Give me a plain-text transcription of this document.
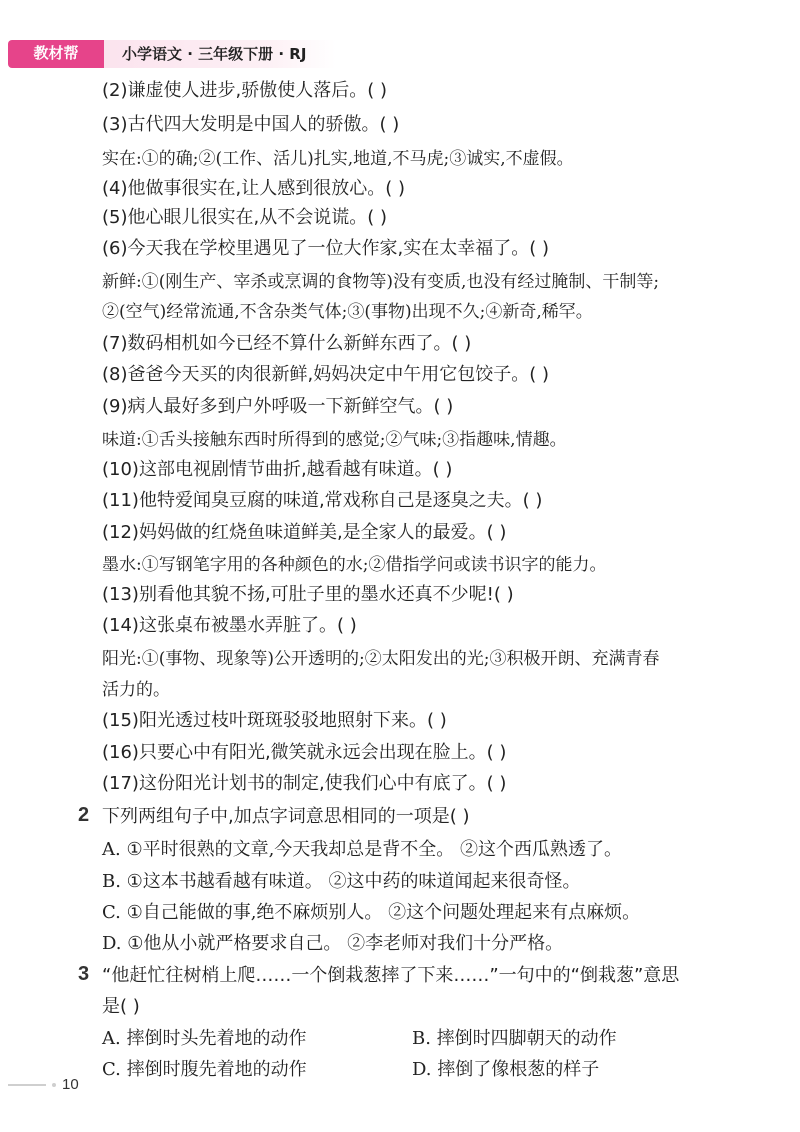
教材帮	小学语文 · 三年级下册 · RJ
(2)谦虚使人进步,骄傲使人落后。( )
(3)古代四大发明是中国人的骄傲。( )
实在:①的确;②(工作、活儿)扎实,地道,不马虎;③诚实,不虚假。
(4)他做事很实在,让人感到很放心。( )
(5)他心眼儿很实在,从不会说谎。( )
(6)今天我在学校里遇见了一位大作家,实在太幸福了。( )
新鲜:①(刚生产、宰杀或烹调的食物等)没有变质,也没有经过腌制、干制等;
②(空气)经常流通,不含杂类气体;③(事物)出现不久;④新奇,稀罕。
(7)数码相机如今已经不算什么新鲜东西了。( )
(8)爸爸今天买的肉很新鲜,妈妈决定中午用它包饺子。( )
(9)病人最好多到户外呼吸一下新鲜空气。( )
味道:①舌头接触东西时所得到的感觉;②气味;③指趣味,情趣。
(10)这部电视剧情节曲折,越看越有味道。( )
(11)他特爱闻臭豆腐的味道,常戏称自己是逐臭之夫。( )
(12)妈妈做的红烧鱼味道鲜美,是全家人的最爱。( )
墨水:①写钢笔字用的各种颜色的水;②借指学问或读书识字的能力。
(13)别看他其貌不扬,可肚子里的墨水还真不少呢!( )
(14)这张桌布被墨水弄脏了。( )
阳光:①(事物、现象等)公开透明的;②太阳发出的光;③积极开朗、充满青春
活力的。
(15)阳光透过枝叶斑斑驳驳地照射下来。( )
(16)只要心中有阳光,微笑就永远会出现在脸上。( )
(17)这份阳光计划书的制定,使我们心中有底了。( )
2 下列两组句子中,加点字词意思相同的一项是( )
A. ①平时很熟的文章,今天我却总是背不全。 ②这个西瓜熟透了。
B. ①这本书越看越有味道。 ②这中药的味道闻起来很奇怪。
C. ①自己能做的事,绝不麻烦别人。 ②这个问题处理起来有点麻烦。
D. ①他从小就严格要求自己。 ②李老师对我们十分严格。
3 “他赶忙往树梢上爬……一个倒栽葱摔了下来……”一句中的“倒栽葱”意思
是( )
A. 摔倒时头先着地的动作	B. 摔倒时四脚朝天的动作
C. 摔倒时腹先着地的动作	D. 摔倒了像根葱的样子
10
